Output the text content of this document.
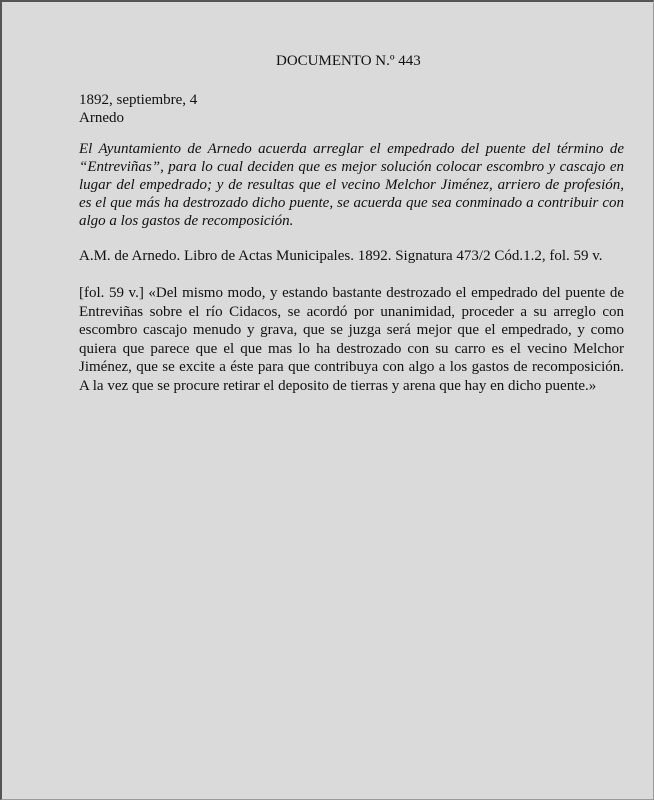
DOCUMENTO N.º 443
1892, septiembre, 4
Arnedo

El Ayuntamiento de Arnedo acuerda arreglar el empedrado del puente del término de “Entreviñas”, para lo cual deciden que es mejor solución colocar escombro y cascajo en lugar del empedrado; y de resultas que el vecino Melchor Jiménez, arriero de profesión, es el que más ha destrozado dicho puente, se acuerda que sea conminado a contribuir con algo a los gastos de recomposición.

A.M. de Arnedo. Libro de Actas Municipales. 1892. Signatura 473/2 Cód.1.2, fol. 59 v.

[fol. 59 v.] «Del mismo modo, y estando bastante destrozado el empedrado del puente de Entreviñas sobre el río Cidacos, se acordó por unanimidad, proceder a su arreglo con escombro cascajo menudo y grava, que se juzga será mejor que el empedrado, y como quiera que parece que el que mas lo ha destrozado con su carro es el vecino Melchor Jiménez, que se excite a éste para que contribuya con algo a los gastos de recomposición. A la vez que se procure retirar el deposito de tierras y arena que hay en dicho puente.»
